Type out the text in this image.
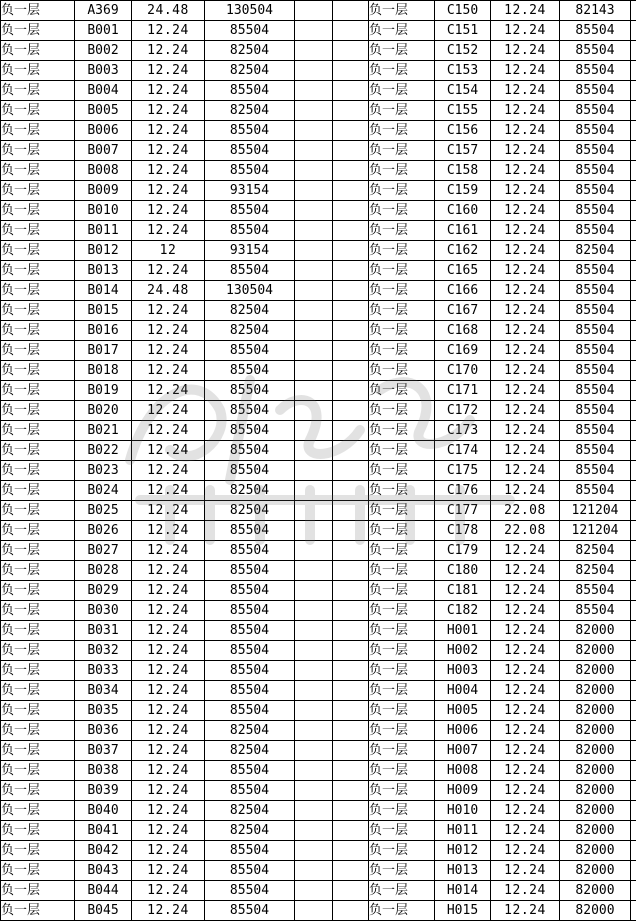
负一层	A369	24.48	130504			负一层	C150	12.24	82143	
负一层	B001	12.24	85504			负一层	C151	12.24	85504	
负一层	B002	12.24	82504			负一层	C152	12.24	85504	
负一层	B003	12.24	82504			负一层	C153	12.24	85504	
负一层	B004	12.24	85504			负一层	C154	12.24	85504	
负一层	B005	12.24	82504			负一层	C155	12.24	85504	
负一层	B006	12.24	85504			负一层	C156	12.24	85504	
负一层	B007	12.24	85504			负一层	C157	12.24	85504	
负一层	B008	12.24	85504			负一层	C158	12.24	85504	
负一层	B009	12.24	93154			负一层	C159	12.24	85504	
负一层	B010	12.24	85504			负一层	C160	12.24	85504	
负一层	B011	12.24	85504			负一层	C161	12.24	85504	
负一层	B012	12	93154			负一层	C162	12.24	82504	
负一层	B013	12.24	85504			负一层	C165	12.24	85504	
负一层	B014	24.48	130504			负一层	C166	12.24	85504	
负一层	B015	12.24	82504			负一层	C167	12.24	85504	
负一层	B016	12.24	82504			负一层	C168	12.24	85504	
负一层	B017	12.24	85504			负一层	C169	12.24	85504	
负一层	B018	12.24	85504			负一层	C170	12.24	85504	
负一层	B019	12.24	85504			负一层	C171	12.24	85504	
负一层	B020	12.24	85504			负一层	C172	12.24	85504	
负一层	B021	12.24	85504			负一层	C173	12.24	85504	
负一层	B022	12.24	85504			负一层	C174	12.24	85504	
负一层	B023	12.24	85504			负一层	C175	12.24	85504	
负一层	B024	12.24	82504			负一层	C176	12.24	85504	
负一层	B025	12.24	82504			负一层	C177	22.08	121204	
负一层	B026	12.24	85504			负一层	C178	22.08	121204	
负一层	B027	12.24	85504			负一层	C179	12.24	82504	
负一层	B028	12.24	85504			负一层	C180	12.24	82504	
负一层	B029	12.24	85504			负一层	C181	12.24	85504	
负一层	B030	12.24	85504			负一层	C182	12.24	85504	
负一层	B031	12.24	85504			负一层	H001	12.24	82000	
负一层	B032	12.24	85504			负一层	H002	12.24	82000	
负一层	B033	12.24	85504			负一层	H003	12.24	82000	
负一层	B034	12.24	85504			负一层	H004	12.24	82000	
负一层	B035	12.24	85504			负一层	H005	12.24	82000	
负一层	B036	12.24	82504			负一层	H006	12.24	82000	
负一层	B037	12.24	82504			负一层	H007	12.24	82000	
负一层	B038	12.24	85504			负一层	H008	12.24	82000	
负一层	B039	12.24	85504			负一层	H009	12.24	82000	
负一层	B040	12.24	82504			负一层	H010	12.24	82000	
负一层	B041	12.24	82504			负一层	H011	12.24	82000	
负一层	B042	12.24	85504			负一层	H012	12.24	82000	
负一层	B043	12.24	85504			负一层	H013	12.24	82000	
负一层	B044	12.24	85504			负一层	H014	12.24	82000	
负一层	B045	12.24	85504			负一层	H015	12.24	82000	
